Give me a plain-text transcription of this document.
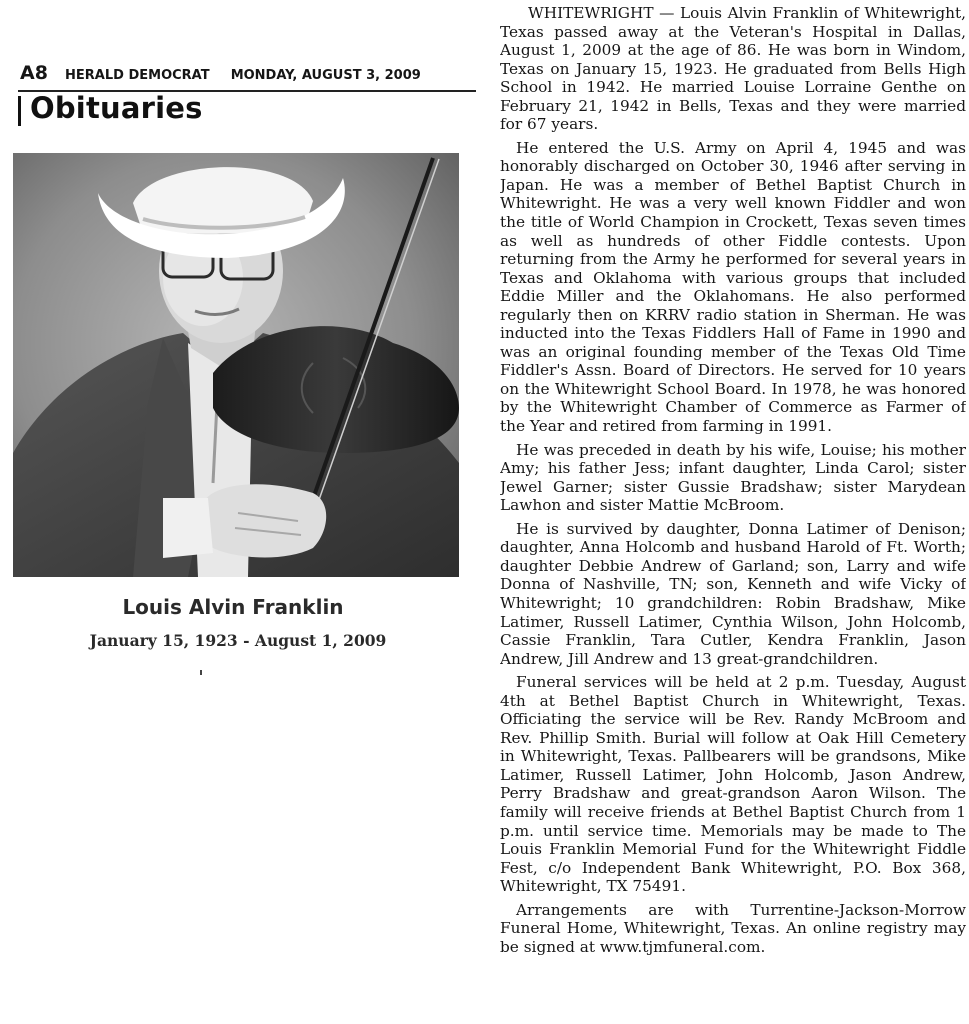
A8 HERALD DEMOCRAT MONDAY, AUGUST 3, 2009
Obituaries
Louis Alvin Franklin
January 15, 1923 - August 1, 2009

WHITEWRIGHT — Louis Alvin Franklin of Whitewright, Texas passed away at the Veteran's Hospital in Dallas, August 1, 2009 at the age of 86. He was born in Windom, Texas on January 15, 1923. He graduated from Bells High School in 1942. He married Louise Lorraine Genthe on February 21, 1942 in Bells, Texas and they were married for 67 years.

He entered the U.S. Army on April 4, 1945 and was honorably discharged on October 30, 1946 after serving in Japan. He was a member of Bethel Baptist Church in Whitewright. He was a very well known Fiddler and won the title of World Champion in Crockett, Texas seven times as well as hundreds of other Fiddle contests. Upon returning from the Army he performed for several years in Texas and Oklahoma with various groups that included Eddie Miller and the Oklahomans. He also performed regularly then on KRRV radio station in Sherman. He was inducted into the Texas Fiddlers Hall of Fame in 1990 and was an original founding member of the Texas Old Time Fiddler's Assn. Board of Directors. He served for 10 years on the Whitewright School Board. In 1978, he was honored by the Whitewright Chamber of Commerce as Farmer of the Year and retired from farming in 1991.

He was preceded in death by his wife, Louise; his mother Amy; his father Jess; infant daughter, Linda Carol; sister Jewel Garner; sister Gussie Bradshaw; sister Marydean Lawhon and sister Mattie McBroom.

He is survived by daughter, Donna Latimer of Denison; daughter, Anna Holcomb and husband Harold of Ft. Worth; daughter Debbie Andrew of Garland; son, Larry and wife Donna of Nashville, TN; son, Kenneth and wife Vicky of Whitewright; 10 grandchildren: Robin Bradshaw, Mike Latimer, Russell Latimer, Cynthia Wilson, John Holcomb, Cassie Franklin, Tara Cutler, Kendra Franklin, Jason Andrew, Jill Andrew and 13 great-grandchildren.

Funeral services will be held at 2 p.m. Tuesday, August 4th at Bethel Baptist Church in Whitewright, Texas. Officiating the service will be Rev. Randy McBroom and Rev. Phillip Smith. Burial will follow at Oak Hill Cemetery in Whitewright, Texas. Pallbearers will be grandsons, Mike Latimer, Russell Latimer, John Holcomb, Jason Andrew, Perry Bradshaw and great-grandson Aaron Wilson. The family will receive friends at Bethel Baptist Church from 1 p.m. until service time. Memorials may be made to The Louis Franklin Memorial Fund for the Whitewright Fiddle Fest, c/o Independent Bank Whitewright, P.O. Box 368, Whitewright, TX 75491.

Arrangements are with Turrentine-Jackson-Morrow Funeral Home, Whitewright, Texas. An online registry may be signed at www.tjmfuneral.com.
